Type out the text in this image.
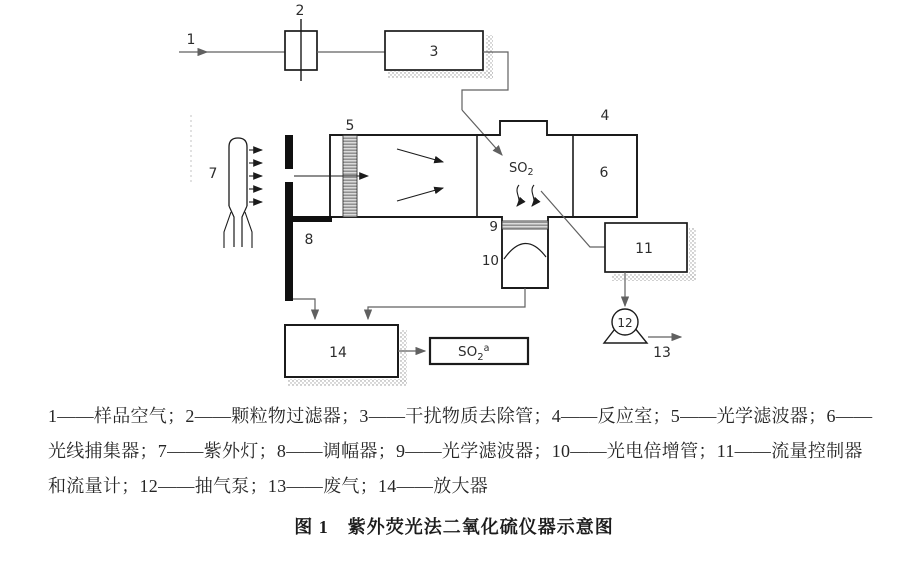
1
2
3
4
6
5
$SO_2$
9
10
11
12
13
7
8
14	$SO_2^a$
1——样品空气；2——颗粒物过滤器；3——干扰物质去除管；4——反应室；5——光学滤波器；6——
光线捕集器；7——紫外灯；8——调幅器；9——光学滤波器；10——光电倍增管；11——流量控制器
和流量计；12——抽气泵；13——废气；14——放大器
图 1　紫外荧光法二氧化硫仪器示意图
